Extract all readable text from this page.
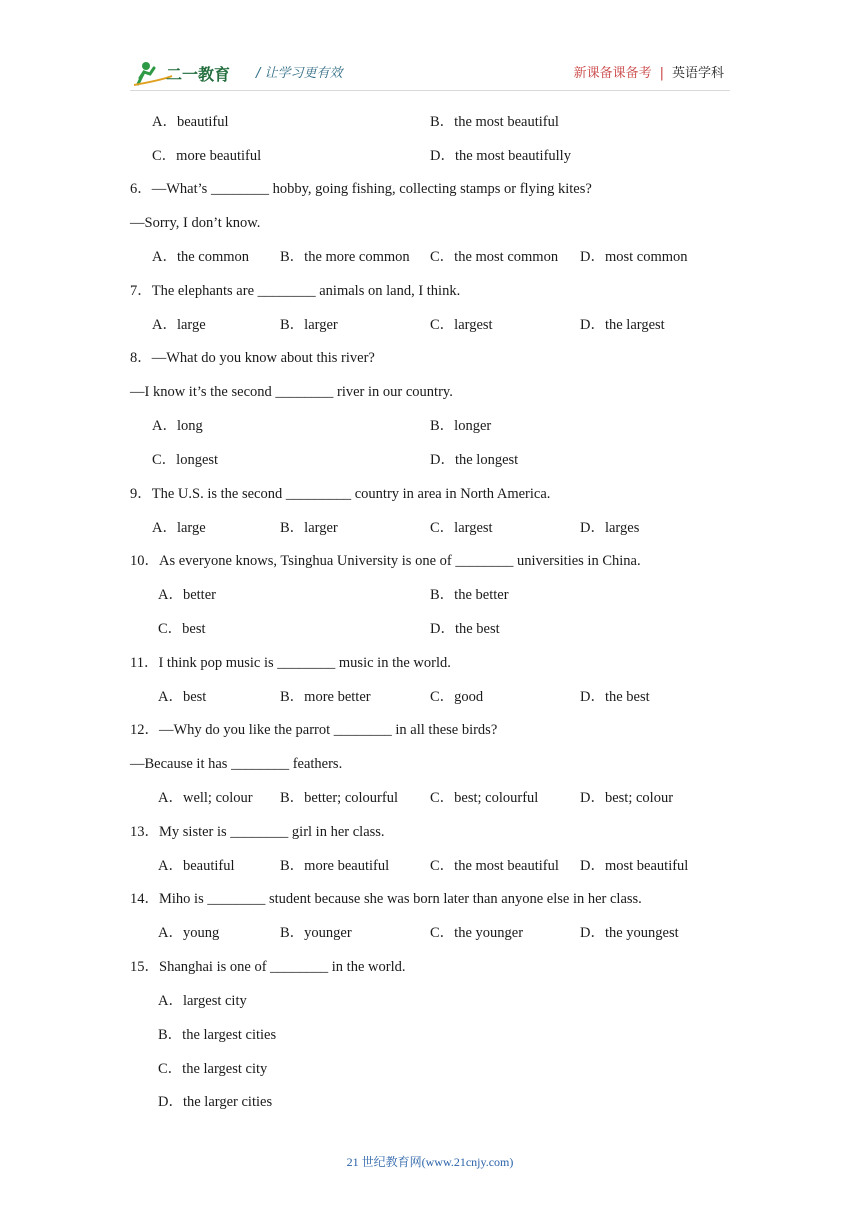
二一教育 / 让学习更有效	新课备课备考 | 英语学科
A．beautiful	B．the most beautiful
C．more beautiful	D．the most beautifully
6．—What’s ________ hobby, going fishing, collecting stamps or flying kites?
—Sorry, I don’t know.
A．the common B．the more common C．the most common D．most common
7．The elephants are ________ animals on land, I think.
A．large	B．larger	C．largest	D．the largest
8．—What do you know about this river?
—I know it’s the second ________ river in our country.
A．long	B．longer
C．longest	D．the longest
9．The U.S. is the second _________ country in area in North America.
A．large	B．larger	C．largest	D．larges
10．As everyone knows, Tsinghua University is one of ________ universities in China.
A．better	B．the better
C．best	D．the best
11．I think pop music is ________ music in the world.
A．best	B．more better	C．good	D．the best
12．—Why do you like the parrot ________ in all these birds?
—Because it has ________ feathers.
A．well; colour B．better; colourful C．best; colourful	D．best; colour
13．My sister is ________ girl in her class.
A．beautiful	B．more beautiful	C．the most beautiful D．most beautiful
14．Miho is ________ student because she was born later than anyone else in her class.
A．young	B．younger	C．the younger	D．the youngest
15．Shanghai is one of ________ in the world.
A．largest city
B．the largest cities
C．the largest city
D．the larger cities
21 世纪教育网(www.21cnjy.com)
